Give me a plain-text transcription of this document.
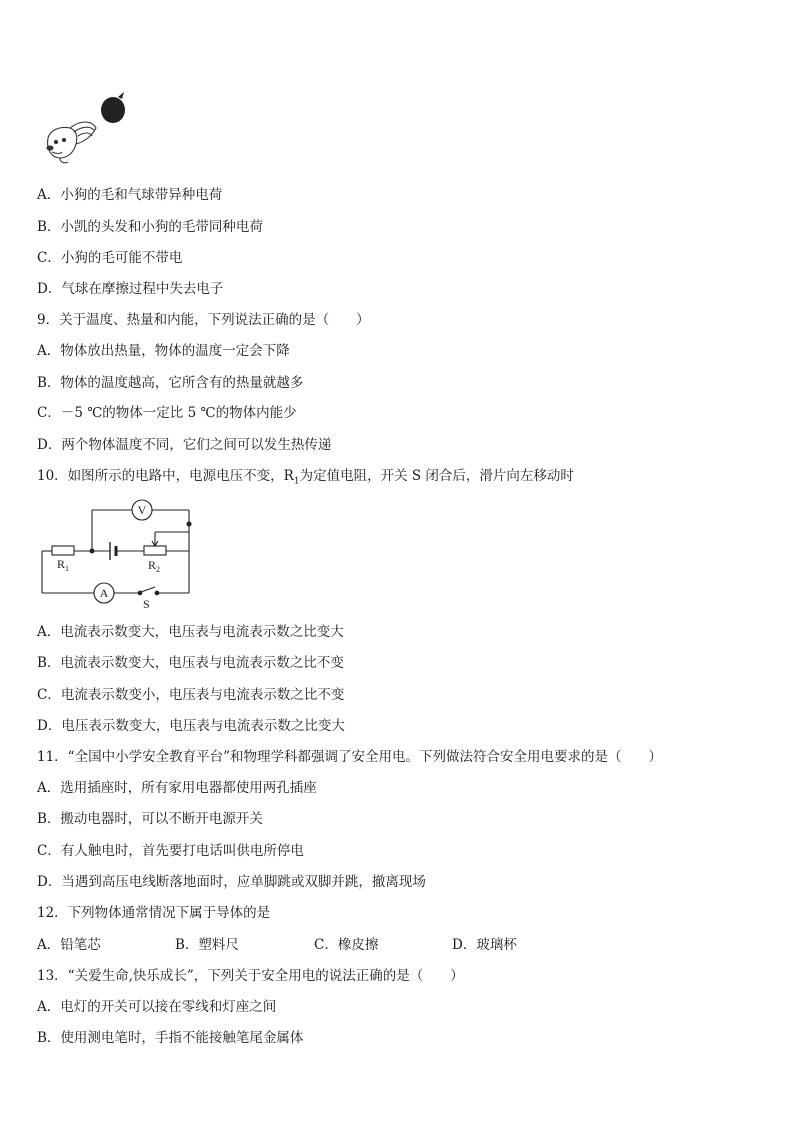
A．小狗的毛和气球带异种电荷
B．小凯的头发和小狗的毛带同种电荷
C．小狗的毛可能不带电
D．气球在摩擦过程中失去电子
9．关于温度、热量和内能，下列说法正确的是（　　）
A．物体放出热量，物体的温度一定会下降
B．物体的温度越高，它所含有的热量就越多
C．－5 ℃的物体一定比 5 ℃的物体内能少
D．两个物体温度不同，它们之间可以发生热传递
10．如图所示的电路中，电源电压不变，$R_1$为定值电阻，开关 S 闭合后，滑片向左移动时
V
A
$R_1$	$R_2$
S
A．电流表示数变大，电压表与电流表示数之比变大
B．电流表示数变大，电压表与电流表示数之比不变
C．电流表示数变小，电压表与电流表示数之比不变
D．电压表示数变大，电压表与电流表示数之比变大
11．“全国中小学安全教育平台”和物理学科都强调了安全用电。下列做法符合安全用电要求的是（　　）
A．选用插座时，所有家用电器都使用两孔插座
B．搬动电器时，可以不断开电源开关
C．有人触电时，首先要打电话叫供电所停电
D．当遇到高压电线断落地面时，应单脚跳或双脚并跳，撤离现场
12．下列物体通常情况下属于导体的是
A．铅笔芯	B．塑料尺	C．橡皮擦	D．玻璃杯
13．“关爱生命,快乐成长”，下列关于安全用电的说法正确的是（　　）
A．电灯的开关可以接在零线和灯座之间
B．使用测电笔时，手指不能接触笔尾金属体
